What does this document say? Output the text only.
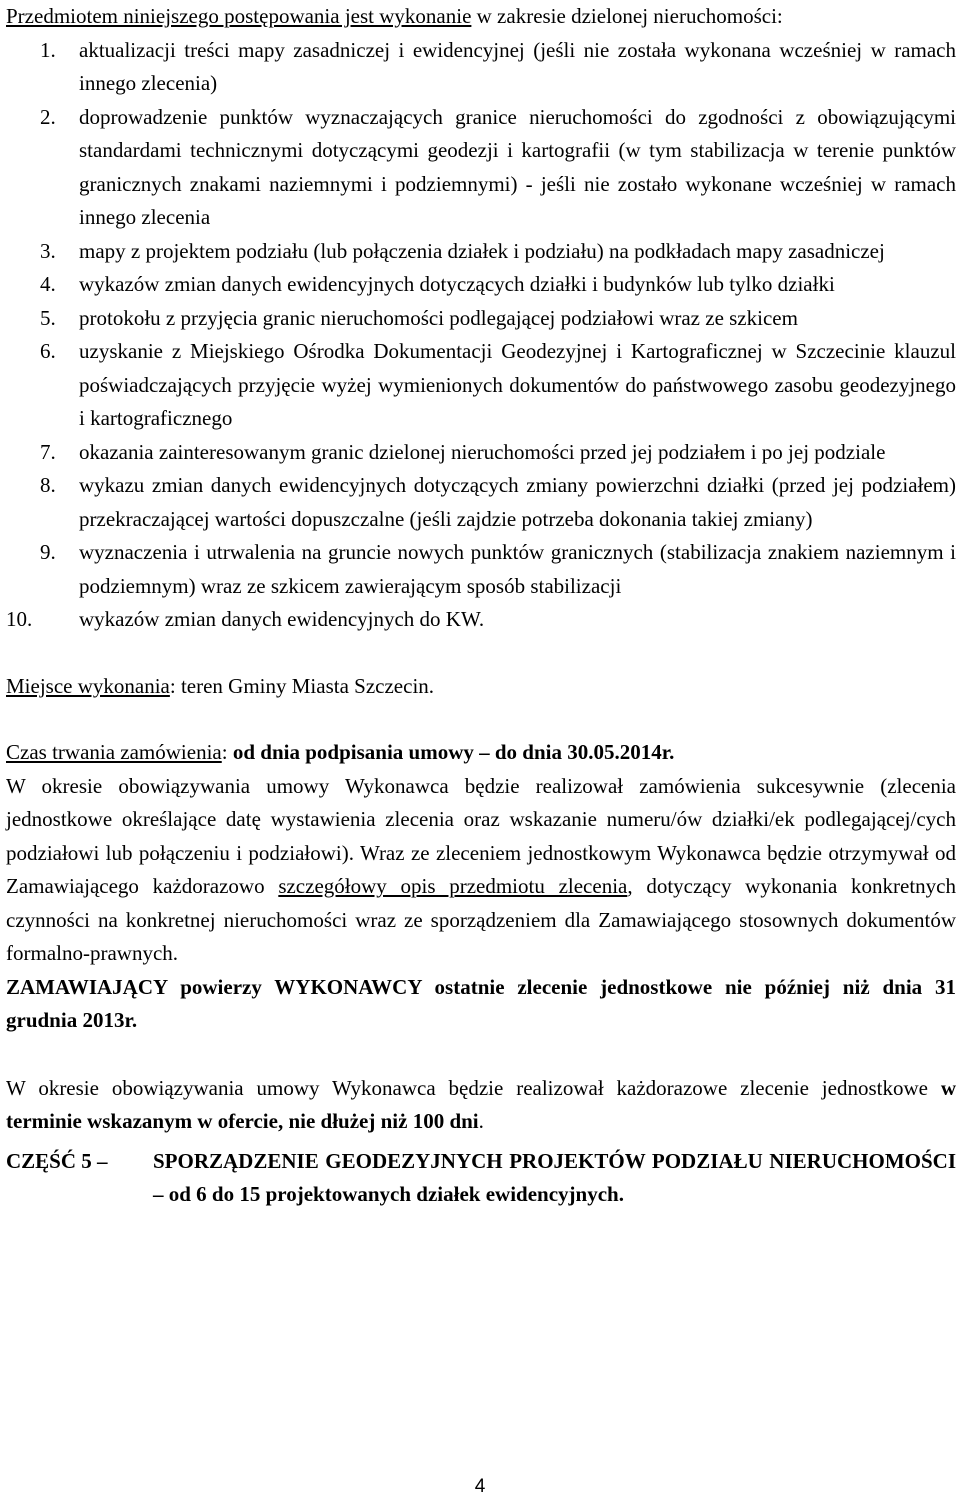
Przedmiotem niniejszego postępowania jest wykonanie w zakresie dzielonej nieruchomości:

1. aktualizacji treści mapy zasadniczej i ewidencyjnej (jeśli nie została wykonana wcześniej w ramach innego zlecenia)
2. doprowadzenie punktów wyznaczających granice nieruchomości do zgodności z obowiązującymi standardami technicznymi dotyczącymi geodezji i kartografii (w tym stabilizacja w terenie punktów granicznych znakami naziemnymi i podziemnymi) - jeśli nie zostało wykonane wcześniej w ramach innego zlecenia
3. mapy z projektem podziału (lub połączenia działek i podziału) na podkładach mapy zasadniczej
4. wykazów zmian danych ewidencyjnych dotyczących działki i budynków lub tylko działki
5. protokołu z przyjęcia granic nieruchomości podlegającej podziałowi wraz ze szkicem
6. uzyskanie z Miejskiego Ośrodka Dokumentacji Geodezyjnej i Kartograficznej w Szczecinie klauzul poświadczających przyjęcie wyżej wymienionych dokumentów do państwowego zasobu geodezyjnego i kartograficznego
7. okazania zainteresowanym granic dzielonej nieruchomości przed jej podziałem i po jej podziale
8. wykazu zmian danych ewidencyjnych dotyczących zmiany powierzchni działki (przed jej podziałem) przekraczającej wartości dopuszczalne (jeśli zajdzie potrzeba dokonania takiej zmiany)
9. wyznaczenia i utrwalenia na gruncie nowych punktów granicznych (stabilizacja znakiem naziemnym i podziemnym) wraz ze szkicem zawierającym sposób stabilizacji
10. wykazów zmian danych ewidencyjnych do KW.

Miejsce wykonania: teren Gminy Miasta Szczecin.

Czas trwania zamówienia: od dnia podpisania umowy – do dnia 30.05.2014r.

W okresie obowiązywania umowy Wykonawca będzie realizował zamówienia sukcesywnie (zlecenia jednostkowe określające datę wystawienia zlecenia oraz wskazanie numeru/ów działki/ek podlegającej/cych podziałowi lub połączeniu i podziałowi). Wraz ze zleceniem jednostkowym Wykonawca będzie otrzymywał od Zamawiającego każdorazowo szczegółowy opis przedmiotu zlecenia, dotyczący wykonania konkretnych czynności na konkretnej nieruchomości wraz ze sporządzeniem dla Zamawiającego stosownych dokumentów formalno-prawnych.

ZAMAWIAJĄCY powierzy WYKONAWCY ostatnie zlecenie jednostkowe nie później niż dnia 31 grudnia 2013r.

W okresie obowiązywania umowy Wykonawca będzie realizował każdorazowe zlecenie jednostkowe w terminie wskazanym w ofercie, nie dłużej niż 100 dni.

CZĘŚĆ 5 – SPORZĄDZENIE GEODEZYJNYCH PROJEKTÓW PODZIAŁU NIERUCHOMOŚCI – od 6 do 15 projektowanych działek ewidencyjnych.
4
